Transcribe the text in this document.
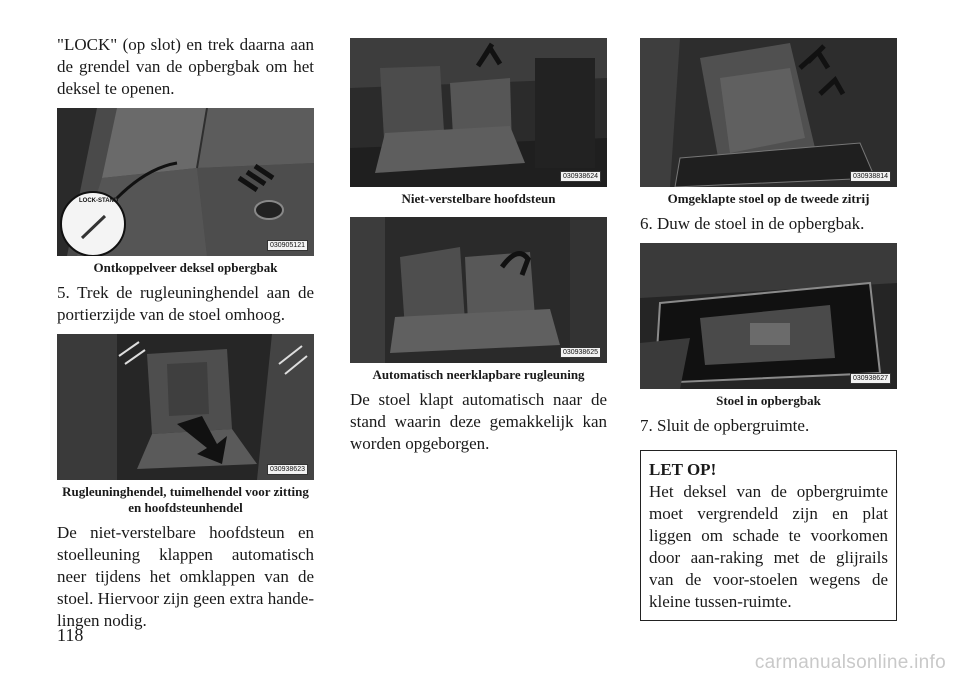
"LOCK" (op slot) en trek daarna aan de grendel van de opbergbak om het deksel te openen.

LOCK-STAND
030905121
Ontkoppelveer deksel opbergbak

5. Trek de rugleuninghendel aan de portierzijde van de stoel omhoog.

030938623
Rugleuninghendel, tuimelhendel voor zitting en hoofdsteunhendel

De niet-verstelbare hoofdsteun en stoelleuning klappen automatisch neer tijdens het omklappen van de stoel. Hiervoor zijn geen extra hande-lingen nodig.

030938624
Niet-verstelbare hoofdsteun
030938625
Automatisch neerklapbare rugleuning

De stoel klapt automatisch naar de stand waarin deze gemakkelijk kan worden opgeborgen.

030938814
Omgeklapte stoel op de tweede zitrij

6. Duw de stoel in de opbergbak.

030938627
Stoel in opbergbak

7. Sluit de opbergruimte.

LET OP!
Het deksel van de opbergruimte moet vergrendeld zijn en plat liggen om schade te voorkomen door aan-raking met de glijrails van de voor-stoelen wegens de kleine tussen-ruimte.
118
carmanualsonline.info
